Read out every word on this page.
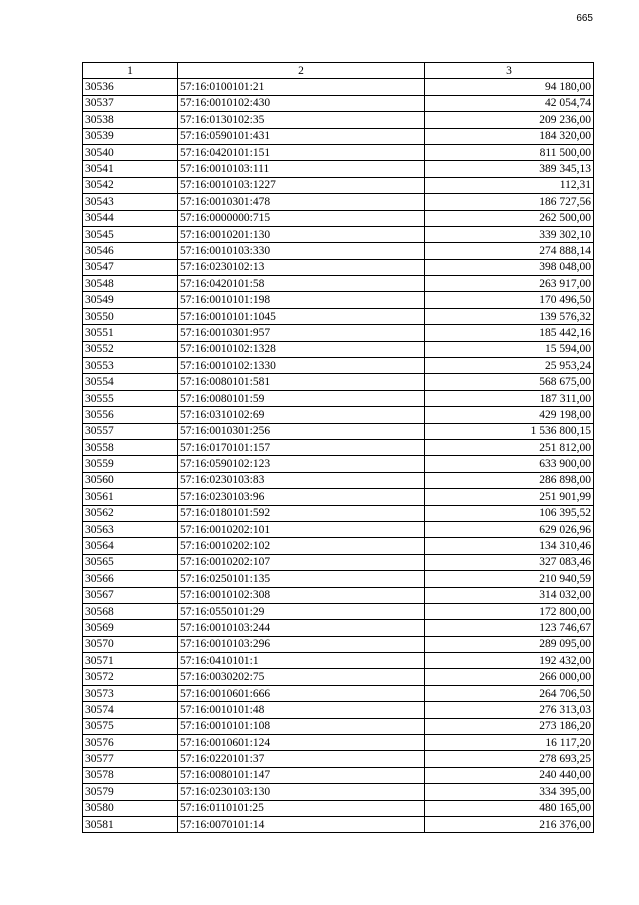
665
1	2	3
30536	57:16:0100101:21	94 180,00
30537	57:16:0010102:430	42 054,74
30538	57:16:0130102:35	209 236,00
30539	57:16:0590101:431	184 320,00
30540	57:16:0420101:151	811 500,00
30541	57:16:0010103:111	389 345,13
30542	57:16:0010103:1227	112,31
30543	57:16:0010301:478	186 727,56
30544	57:16:0000000:715	262 500,00
30545	57:16:0010201:130	339 302,10
30546	57:16:0010103:330	274 888,14
30547	57:16:0230102:13	398 048,00
30548	57:16:0420101:58	263 917,00
30549	57:16:0010101:198	170 496,50
30550	57:16:0010101:1045	139 576,32
30551	57:16:0010301:957	185 442,16
30552	57:16:0010102:1328	15 594,00
30553	57:16:0010102:1330	25 953,24
30554	57:16:0080101:581	568 675,00
30555	57:16:0080101:59	187 311,00
30556	57:16:0310102:69	429 198,00
30557	57:16:0010301:256	1 536 800,15
30558	57:16:0170101:157	251 812,00
30559	57:16:0590102:123	633 900,00
30560	57:16:0230103:83	286 898,00
30561	57:16:0230103:96	251 901,99
30562	57:16:0180101:592	106 395,52
30563	57:16:0010202:101	629 026,96
30564	57:16:0010202:102	134 310,46
30565	57:16:0010202:107	327 083,46
30566	57:16:0250101:135	210 940,59
30567	57:16:0010102:308	314 032,00
30568	57:16:0550101:29	172 800,00
30569	57:16:0010103:244	123 746,67
30570	57:16:0010103:296	289 095,00
30571	57:16:0410101:1	192 432,00
30572	57:16:0030202:75	266 000,00
30573	57:16:0010601:666	264 706,50
30574	57:16:0010101:48	276 313,03
30575	57:16:0010101:108	273 186,20
30576	57:16:0010601:124	16 117,20
30577	57:16:0220101:37	278 693,25
30578	57:16:0080101:147	240 440,00
30579	57:16:0230103:130	334 395,00
30580	57:16:0110101:25	480 165,00
30581	57:16:0070101:14	216 376,00
